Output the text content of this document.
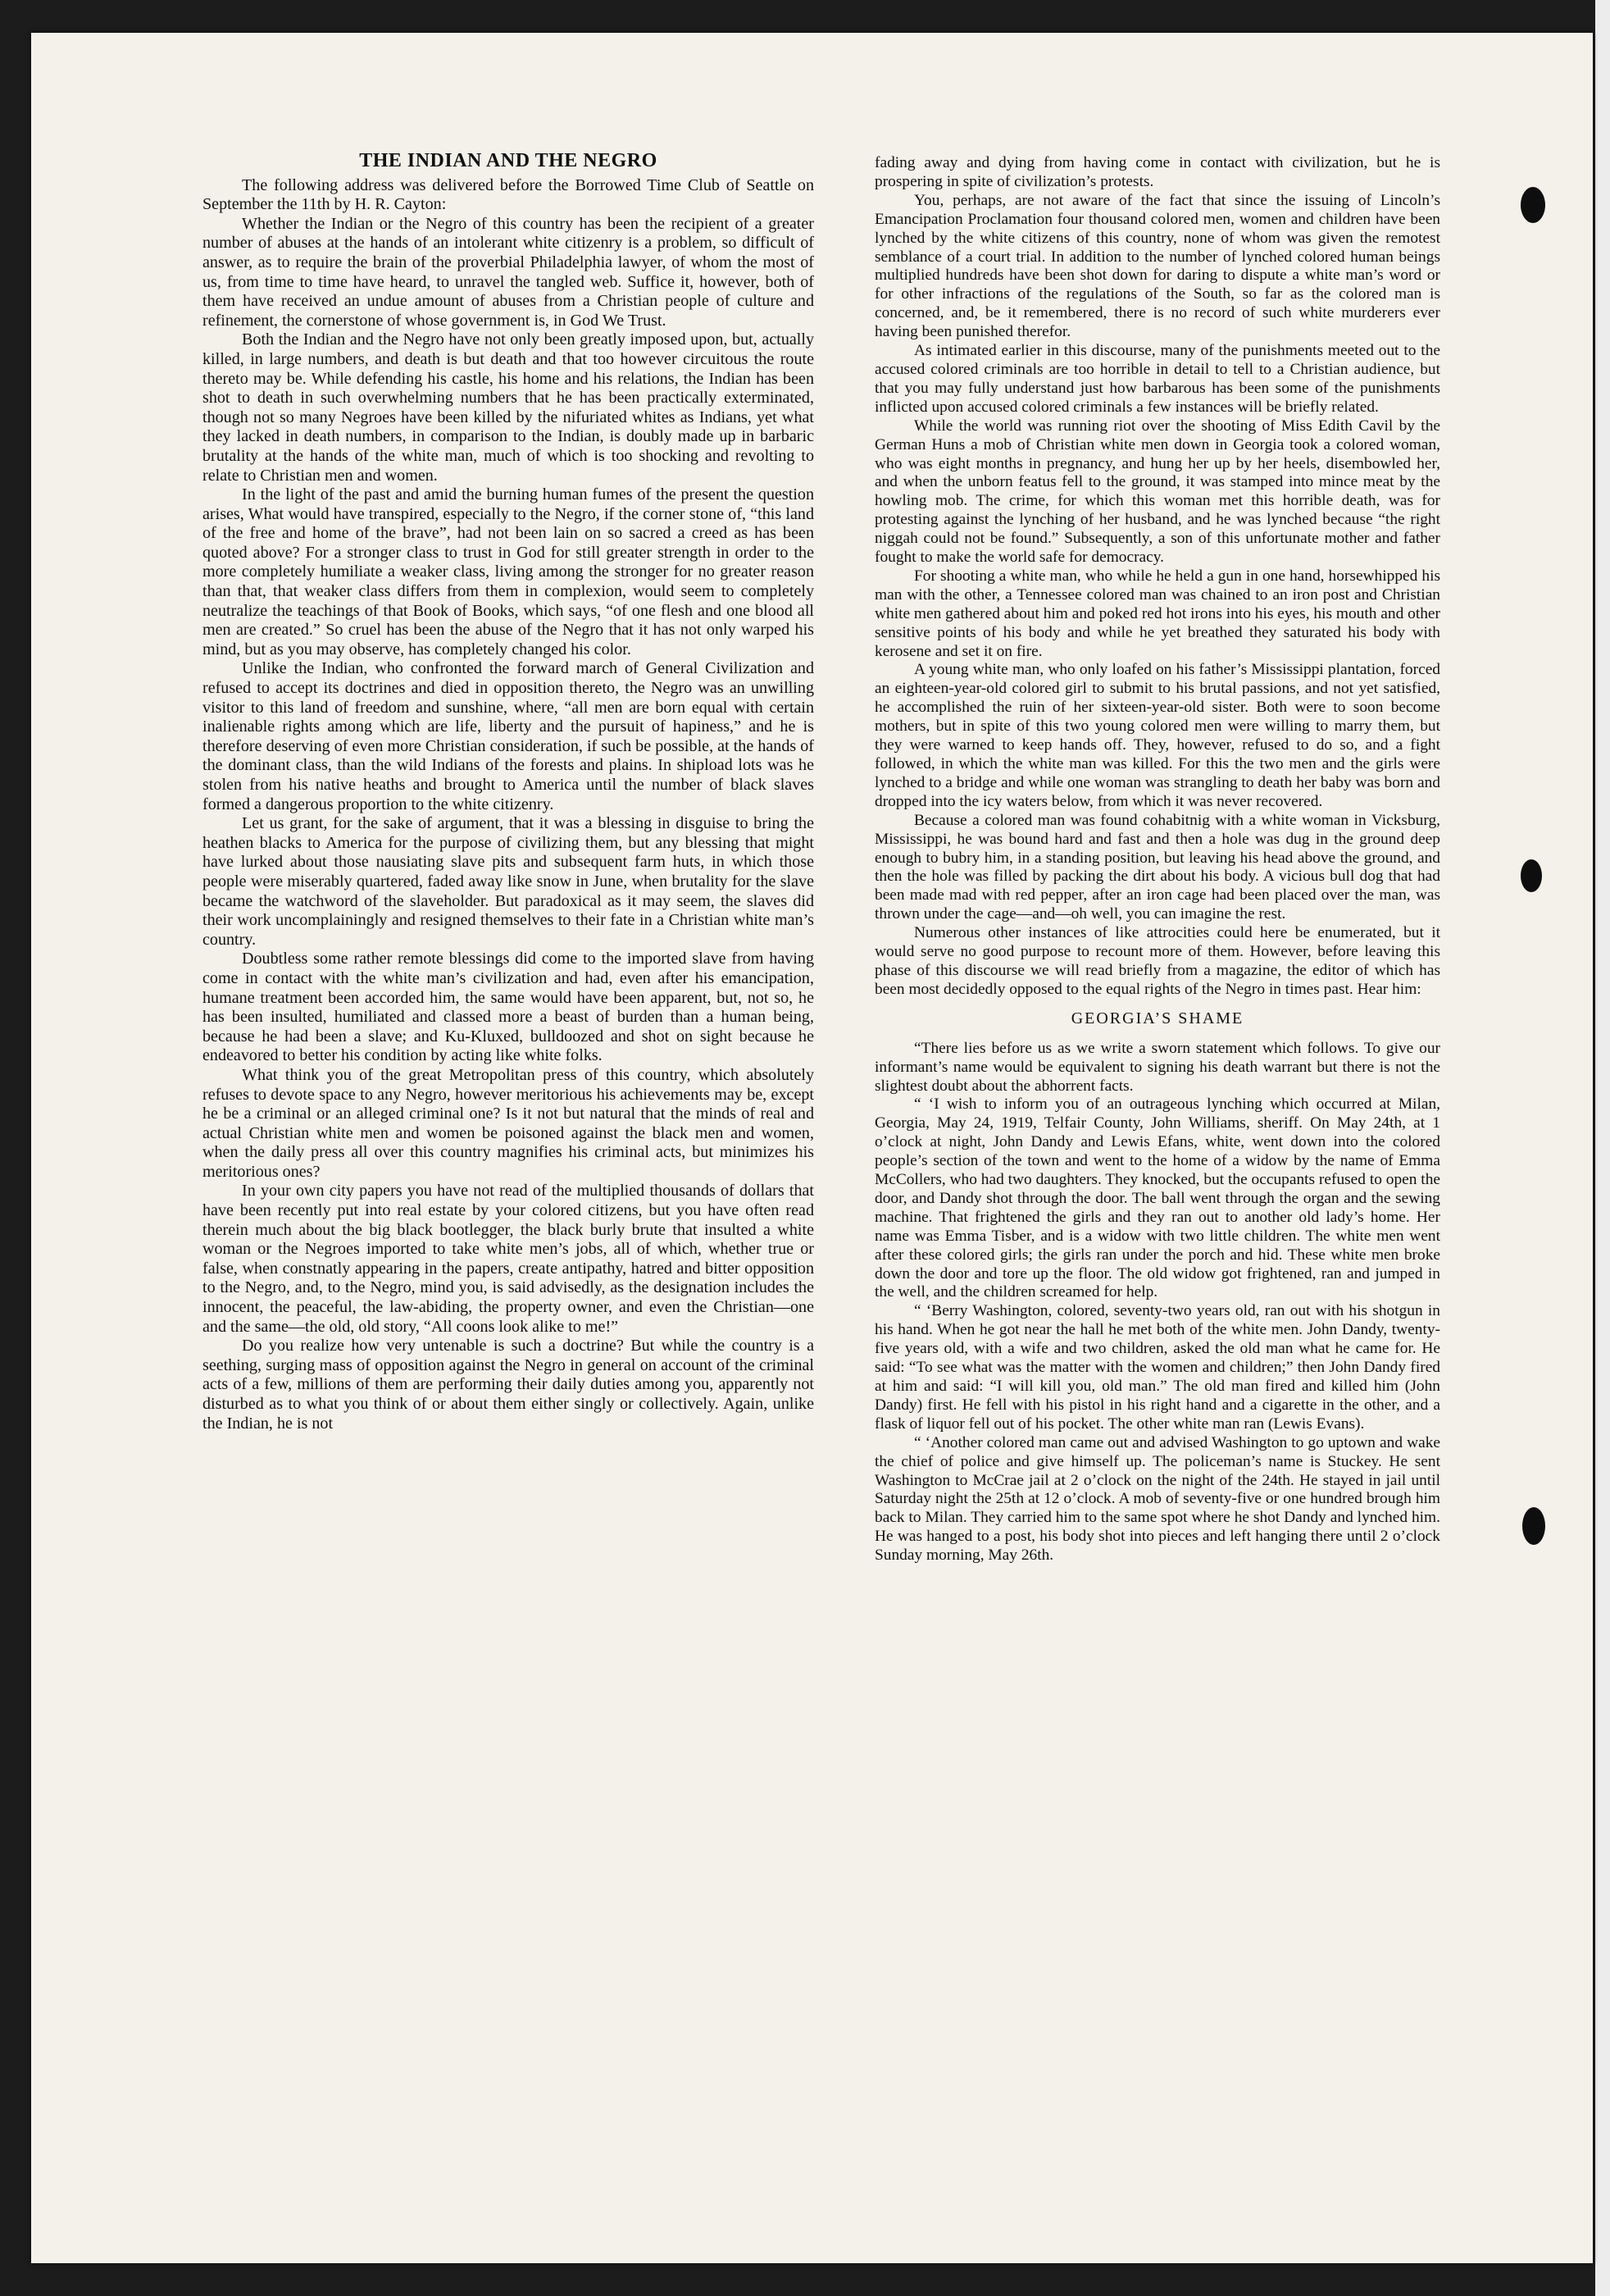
THE INDIAN AND THE NEGRO

The following address was delivered before the Borrowed Time Club of Seattle on September the 11th by H. R. Cayton:

Whether the Indian or the Negro of this country has been the recipient of a greater number of abuses at the hands of an intolerant white citizenry is a problem, so difficult of answer, as to require the brain of the proverbial Philadelphia lawyer, of whom the most of us, from time to time have heard, to unravel the tangled web. Suffice it, however, both of them have received an undue amount of abuses from a Christian people of culture and refinement, the cornerstone of whose government is, in God We Trust.

Both the Indian and the Negro have not only been greatly imposed upon, but, actually killed, in large numbers, and death is but death and that too however circuitous the route thereto may be. While defending his castle, his home and his relations, the Indian has been shot to death in such overwhelming numbers that he has been practically exterminated, though not so many Negroes have been killed by the nifuriated whites as Indians, yet what they lacked in death numbers, in comparison to the Indian, is doubly made up in barbaric brutality at the hands of the white man, much of which is too shocking and revolting to relate to Christian men and women.

In the light of the past and amid the burning human fumes of the present the question arises, What would have transpired, especially to the Negro, if the corner stone of, “this land of the free and home of the brave”, had not been lain on so sacred a creed as has been quoted above? For a stronger class to trust in God for still greater strength in order to the more completely humiliate a weaker class, living among the stronger for no greater reason than that, that weaker class differs from them in complexion, would seem to completely neutralize the teachings of that Book of Books, which says, “of one flesh and one blood all men are created.” So cruel has been the abuse of the Negro that it has not only warped his mind, but as you may observe, has completely changed his color.

Unlike the Indian, who confronted the forward march of General Civilization and refused to accept its doctrines and died in opposition thereto, the Negro was an unwilling visitor to this land of freedom and sunshine, where, “all men are born equal with certain inalienable rights among which are life, liberty and the pursuit of hapiness,” and he is therefore deserving of even more Christian consideration, if such be possible, at the hands of the dominant class, than the wild Indians of the forests and plains. In shipload lots was he stolen from his native heaths and brought to America until the number of black slaves formed a dangerous proportion to the white citizenry.

Let us grant, for the sake of argument, that it was a blessing in disguise to bring the heathen blacks to America for the purpose of civilizing them, but any blessing that might have lurked about those nausiating slave pits and subsequent farm huts, in which those people were miserably quartered, faded away like snow in June, when brutality for the slave became the watchword of the slaveholder. But paradoxical as it may seem, the slaves did their work uncomplainingly and resigned themselves to their fate in a Christian white man’s country.

Doubtless some rather remote blessings did come to the imported slave from having come in contact with the white man’s civilization and had, even after his emancipation, humane treatment been accorded him, the same would have been apparent, but, not so, he has been insulted, humiliated and classed more a beast of burden than a human being, because he had been a slave; and Ku-Kluxed, bulldoozed and shot on sight because he endeavored to better his condition by acting like white folks.

What think you of the great Metropolitan press of this country, which absolutely refuses to devote space to any Negro, however meritorious his achievements may be, except he be a criminal or an alleged criminal one? Is it not but natural that the minds of real and actual Christian white men and women be poisoned against the black men and women, when the daily press all over this country magnifies his criminal acts, but minimizes his meritorious ones?

In your own city papers you have not read of the multiplied thousands of dollars that have been recently put into real estate by your colored citizens, but you have often read therein much about the big black bootlegger, the black burly brute that insulted a white woman or the Negroes imported to take white men’s jobs, all of which, whether true or false, when constnatly appearing in the papers, create antipathy, hatred and bitter opposition to the Negro, and, to the Negro, mind you, is said advisedly, as the designation includes the innocent, the peaceful, the law-abiding, the property owner, and even the Christian—one and the same—the old, old story, “All coons look alike to me!”

Do you realize how very untenable is such a doctrine? But while the country is a seething, surging mass of opposition against the Negro in general on account of the criminal acts of a few, millions of them are performing their daily duties among you, apparently not disturbed as to what you think of or about them either singly or collectively. Again, unlike the Indian, he is not

fading away and dying from having come in contact with civilization, but he is prospering in spite of civilization’s protests.

You, perhaps, are not aware of the fact that since the issuing of Lincoln’s Emancipation Proclamation four thousand colored men, women and children have been lynched by the white citizens of this country, none of whom was given the remotest semblance of a court trial. In addition to the number of lynched colored human beings multiplied hundreds have been shot down for daring to dispute a white man’s word or for other infractions of the regulations of the South, so far as the colored man is concerned, and, be it remembered, there is no record of such white murderers ever having been punished therefor.

As intimated earlier in this discourse, many of the punishments meeted out to the accused colored criminals are too horrible in detail to tell to a Christian audience, but that you may fully understand just how barbarous has been some of the punishments inflicted upon accused colored criminals a few instances will be briefly related.

While the world was running riot over the shooting of Miss Edith Cavil by the German Huns a mob of Christian white men down in Georgia took a colored woman, who was eight months in pregnancy, and hung her up by her heels, disembowled her, and when the unborn featus fell to the ground, it was stamped into mince meat by the howling mob. The crime, for which this woman met this horrible death, was for protesting against the lynching of her husband, and he was lynched because “the right niggah could not be found.” Subsequently, a son of this unfortunate mother and father fought to make the world safe for democracy.

For shooting a white man, who while he held a gun in one hand, horsewhipped his man with the other, a Tennessee colored man was chained to an iron post and Christian white men gathered about him and poked red hot irons into his eyes, his mouth and other sensitive points of his body and while he yet breathed they saturated his body with kerosene and set it on fire.

A young white man, who only loafed on his father’s Mississippi plantation, forced an eighteen-year-old colored girl to submit to his brutal passions, and not yet satisfied, he accomplished the ruin of her sixteen-year-old sister. Both were to soon become mothers, but in spite of this two young colored men were willing to marry them, but they were warned to keep hands off. They, however, refused to do so, and a fight followed, in which the white man was killed. For this the two men and the girls were lynched to a bridge and while one woman was strangling to death her baby was born and dropped into the icy waters below, from which it was never recovered.

Because a colored man was found cohabitnig with a white woman in Vicksburg, Mississippi, he was bound hard and fast and then a hole was dug in the ground deep enough to bubry him, in a standing position, but leaving his head above the ground, and then the hole was filled by packing the dirt about his body. A vicious bull dog that had been made mad with red pepper, after an iron cage had been placed over the man, was thrown under the cage—and—oh well, you can imagine the rest.

Numerous other instances of like attrocities could here be enumerated, but it would serve no good purpose to recount more of them. However, before leaving this phase of this discourse we will read briefly from a magazine, the editor of which has been most decidedly opposed to the equal rights of the Negro in times past. Hear him:

GEORGIA’S SHAME

“There lies before us as we write a sworn statement which follows. To give our informant’s name would be equivalent to signing his death warrant but there is not the slightest doubt about the abhorrent facts.

“ ‘I wish to inform you of an outrageous lynching which occurred at Milan, Georgia, May 24, 1919, Telfair County, John Williams, sheriff. On May 24th, at 1 o’clock at night, John Dandy and Lewis Efans, white, went down into the colored people’s section of the town and went to the home of a widow by the name of Emma McCollers, who had two daughters. They knocked, but the occupants refused to open the door, and Dandy shot through the door. The ball went through the organ and the sewing machine. That frightened the girls and they ran out to another old lady’s home. Her name was Emma Tisber, and is a widow with two little children. The white men went after these colored girls; the girls ran under the porch and hid. These white men broke down the door and tore up the floor. The old widow got frightened, ran and jumped in the well, and the children screamed for help.

“ ‘Berry Washington, colored, seventy-two years old, ran out with his shotgun in his hand. When he got near the hall he met both of the white men. John Dandy, twenty-five years old, with a wife and two children, asked the old man what he came for. He said: “To see what was the matter with the women and children;” then John Dandy fired at him and said: “I will kill you, old man.” The old man fired and killed him (John Dandy) first. He fell with his pistol in his right hand and a cigarette in the other, and a flask of liquor fell out of his pocket. The other white man ran (Lewis Evans).

“ ‘Another colored man came out and advised Washington to go uptown and wake the chief of police and give himself up. The policeman’s name is Stuckey. He sent Washington to McCrae jail at 2 o’clock on the night of the 24th. He stayed in jail until Saturday night the 25th at 12 o’clock. A mob of seventy-five or one hundred brough him back to Milan. They carried him to the same spot where he shot Dandy and lynched him. He was hanged to a post, his body shot into pieces and left hanging there until 2 o’clock Sunday morning, May 26th.
